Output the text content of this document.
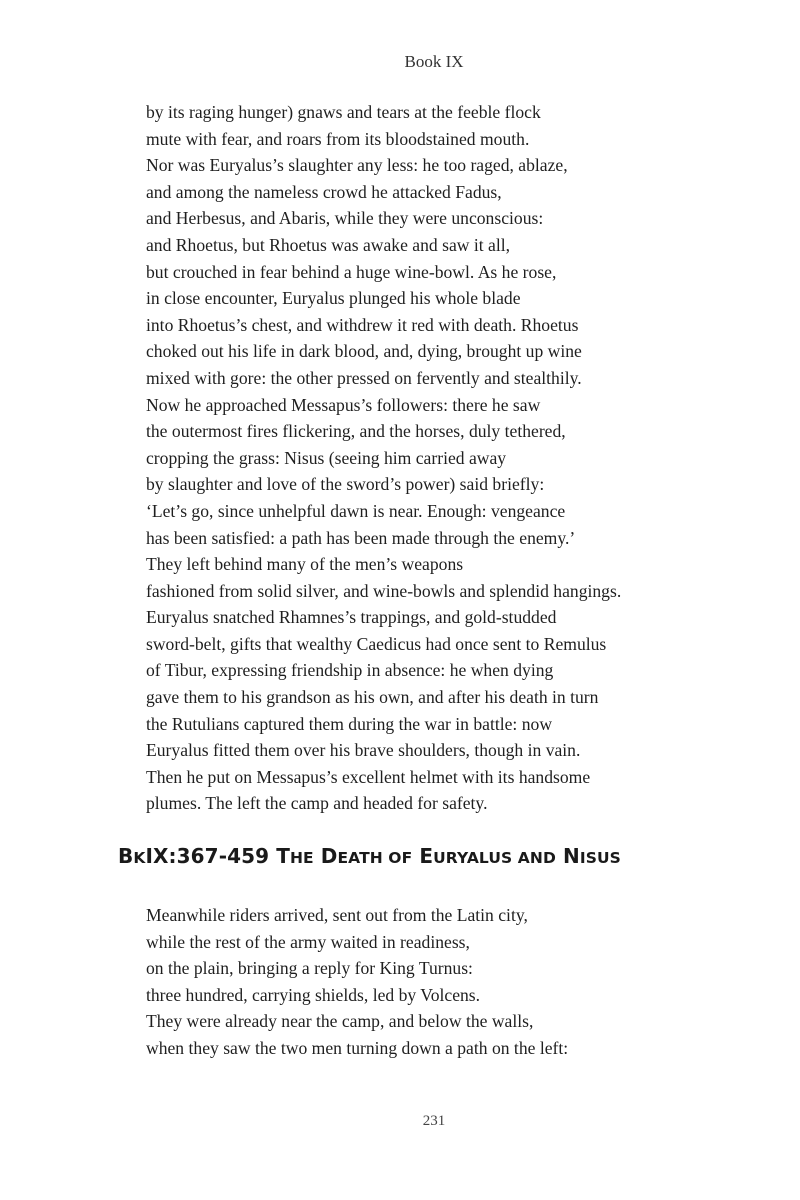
Book IX
by its raging hunger) gnaws and tears at the feeble flock
mute with fear, and roars from its bloodstained mouth.
Nor was Euryalus’s slaughter any less: he too raged, ablaze,
and among the nameless crowd he attacked Fadus,
and Herbesus, and Abaris, while they were unconscious:
and Rhoetus, but Rhoetus was awake and saw it all,
but crouched in fear behind a huge wine-bowl. As he rose,
in close encounter, Euryalus plunged his whole blade
into Rhoetus’s chest, and withdrew it red with death. Rhoetus
choked out his life in dark blood, and, dying, brought up wine
mixed with gore: the other pressed on fervently and stealthily.
Now he approached Messapus’s followers: there he saw
the outermost fires flickering, and the horses, duly tethered,
cropping the grass: Nisus (seeing him carried away
by slaughter and love of the sword’s power) said briefly:
‘Let’s go, since unhelpful dawn is near. Enough: vengeance
has been satisfied: a path has been made through the enemy.’
They left behind many of the men’s weapons
fashioned from solid silver, and wine-bowls and splendid hangings.
Euryalus snatched Rhamnes’s trappings, and gold-studded
sword-belt, gifts that wealthy Caedicus had once sent to Remulus
of Tibur, expressing friendship in absence: he when dying
gave them to his grandson as his own, and after his death in turn
the Rutulians captured them during the war in battle: now
Euryalus fitted them over his brave shoulders, though in vain.
Then he put on Messapus’s excellent helmet with its handsome
plumes. The left the camp and headed for safety.
BKIX:367-459 THE DEATH OF EURYALUS AND NISUS
Meanwhile riders arrived, sent out from the Latin city,
while the rest of the army waited in readiness,
on the plain, bringing a reply for King Turnus:
three hundred, carrying shields, led by Volcens.
They were already near the camp, and below the walls,
when they saw the two men turning down a path on the left:
231
